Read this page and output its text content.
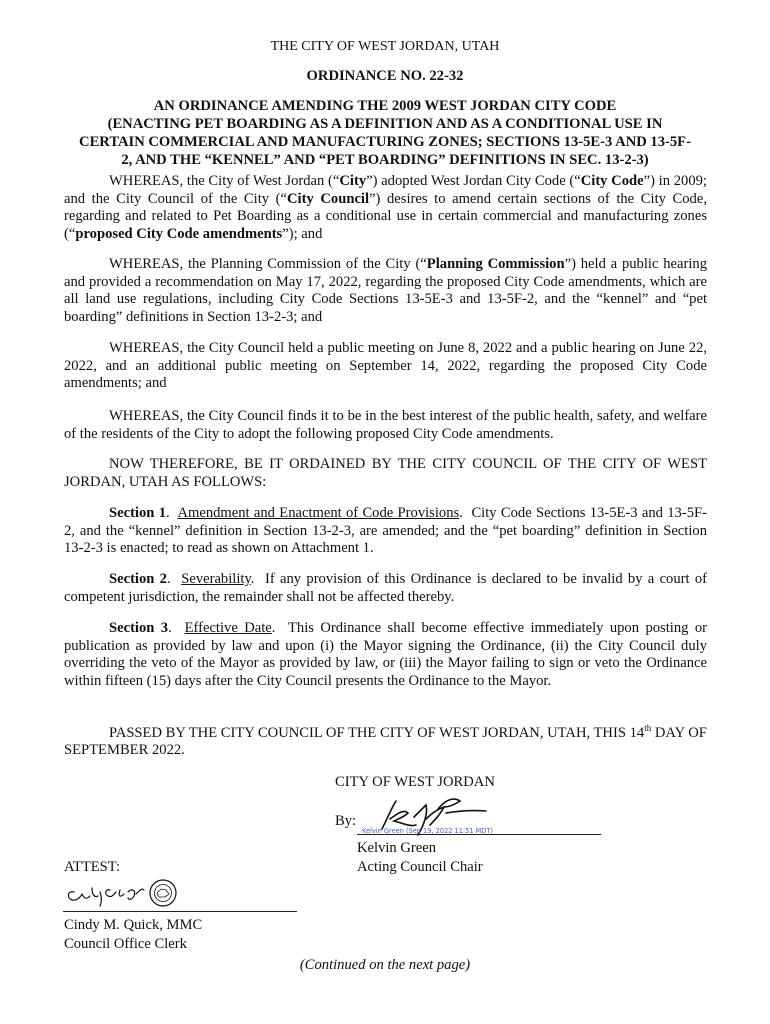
THE CITY OF WEST JORDAN, UTAH
ORDINANCE NO. 22-32
AN ORDINANCE AMENDING THE 2009 WEST JORDAN CITY CODE
(ENACTING PET BOARDING AS A DEFINITION AND AS A CONDITIONAL USE IN
CERTAIN COMMERCIAL AND MANUFACTURING ZONES; SECTIONS 13-5E-3 AND 13-5F-
2, AND THE “KENNEL” AND “PET BOARDING” DEFINITIONS IN SEC. 13-2-3)

WHEREAS, the City of West Jordan (“City”) adopted West Jordan City Code (“City Code”) in 2009; and the City Council of the City (“City Council”) desires to amend certain sections of the City Code, regarding and related to Pet Boarding as a conditional use in certain commercial and manufacturing zones (“proposed City Code amendments”); and

WHEREAS, the Planning Commission of the City (“Planning Commission”) held a public hearing and provided a recommendation on May 17, 2022, regarding the proposed City Code amendments, which are all land use regulations, including City Code Sections 13-5E-3 and 13-5F-2, and the “kennel” and “pet boarding” definitions in Section 13-2-3; and

WHEREAS, the City Council held a public meeting on June 8, 2022 and a public hearing on June 22, 2022, and an additional public meeting on September 14, 2022, regarding the proposed City Code amendments; and

WHEREAS, the City Council finds it to be in the best interest of the public health, safety, and welfare of the residents of the City to adopt the following proposed City Code amendments.

NOW THEREFORE, BE IT ORDAINED BY THE CITY COUNCIL OF THE CITY OF WEST JORDAN, UTAH AS FOLLOWS:

Section 1.  Amendment and Enactment of Code Provisions.  City Code Sections 13-5E-3 and 13-5F-2, and the “kennel” definition in Section 13-2-3, are amended; and the “pet boarding” definition in Section 13-2-3 is enacted; to read as shown on Attachment 1.

Section 2.  Severability.  If any provision of this Ordinance is declared to be invalid by a court of competent jurisdiction, the remainder shall not be affected thereby.

Section 3.  Effective Date.  This Ordinance shall become effective immediately upon posting or publication as provided by law and upon (i) the Mayor signing the Ordinance, (ii) the City Council duly overriding the veto of the Mayor as provided by law, or (iii) the Mayor failing to sign or veto the Ordinance within fifteen (15) days after the City Council presents the Ordinance to the Mayor.

PASSED BY THE CITY COUNCIL OF THE CITY OF WEST JORDAN, UTAH, THIS 14th DAY OF SEPTEMBER 2022.

CITY OF WEST JORDAN
By:
Kelvin Green (Sep 19, 2022 11:51 MDT)
Kelvin Green
Acting Council Chair
ATTEST:
Cindy M. Quick, MMC
Council Office Clerk
(Continued on the next page)
